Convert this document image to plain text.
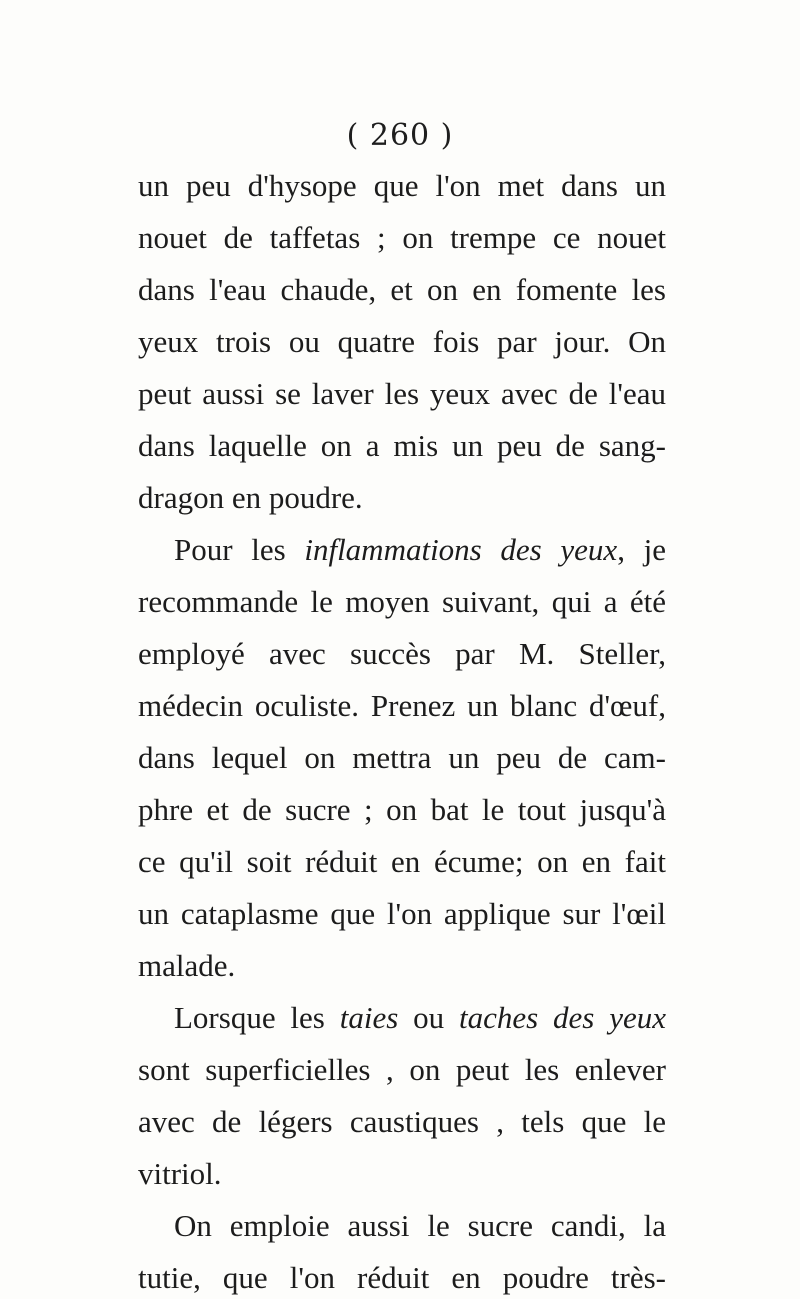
( 260 )
un peu d'hysope que l'on met dans un
nouet de taffetas ; on trempe ce nouet
dans l'eau chaude, et on en fomente les
yeux trois ou quatre fois par jour. On
peut aussi se laver les yeux avec de l'eau
dans laquelle on a mis un peu de sang-
dragon en poudre.
Pour les inflammations des yeux, je
recommande le moyen suivant, qui a été
employé avec succès par M. Steller,
médecin oculiste. Prenez un blanc d'œuf,
dans lequel on mettra un peu de cam-
phre et de sucre ; on bat le tout jusqu'à
ce qu'il soit réduit en écume; on en fait
un cataplasme que l'on applique sur l'œil
malade.
Lorsque les taies ou taches des yeux
sont superficielles , on peut les enlever
avec de légers caustiques , tels que le
vitriol.
On emploie aussi le sucre candi, la
tutie, que l'on réduit en poudre très-
